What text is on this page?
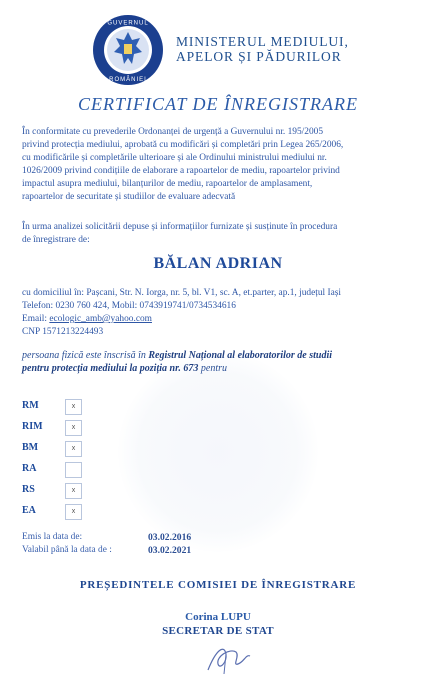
GUVERNUL
ROMÂNIEI
MINISTERUL MEDIULUI,
APELOR ȘI PĂDURILOR
CERTIFICAT DE ÎNREGISTRARE
În conformitate cu prevederile Ordonanței de urgență a Guvernului nr. 195/2005
privind protecția mediului, aprobată cu modificări și completări prin Legea 265/2006,
cu modificările și completările ulterioare și ale Ordinului ministrului mediului nr.
1026/2009 privind condițiile de elaborare a rapoartelor de mediu, rapoartelor privind
impactul asupra mediului, bilanțurilor de mediu, rapoartelor de amplasament,
rapoartelor de securitate și studiilor de evaluare adecvată
În urma analizei solicitării depuse și informațiilor furnizate și susținute în procedura
de înregistrare de:
BĂLAN ADRIAN
cu domiciliul în: Pașcani, Str. N. Iorga, nr. 5, bl. V1, sc. A, et.parter, ap.1, județul Iași
Telefon: 0230 760 424, Mobil: 0743919741/0734534616
Email: ecologic_amb@yahoo.com
CNP 1571213224493
persoana fizică este înscrisă în Registrul Național al elaboratorilor de studii
pentru protecția mediului la poziția nr. 673 pentru
RM	x
RIM	x
BM	x
RA
RS	x
EA	x
Emis la data de:	03.02.2016
Valabil până la data de :	03.02.2021
PREȘEDINTELE COMISIEI DE ÎNREGISTRARE
Corina LUPU
SECRETAR DE STAT
